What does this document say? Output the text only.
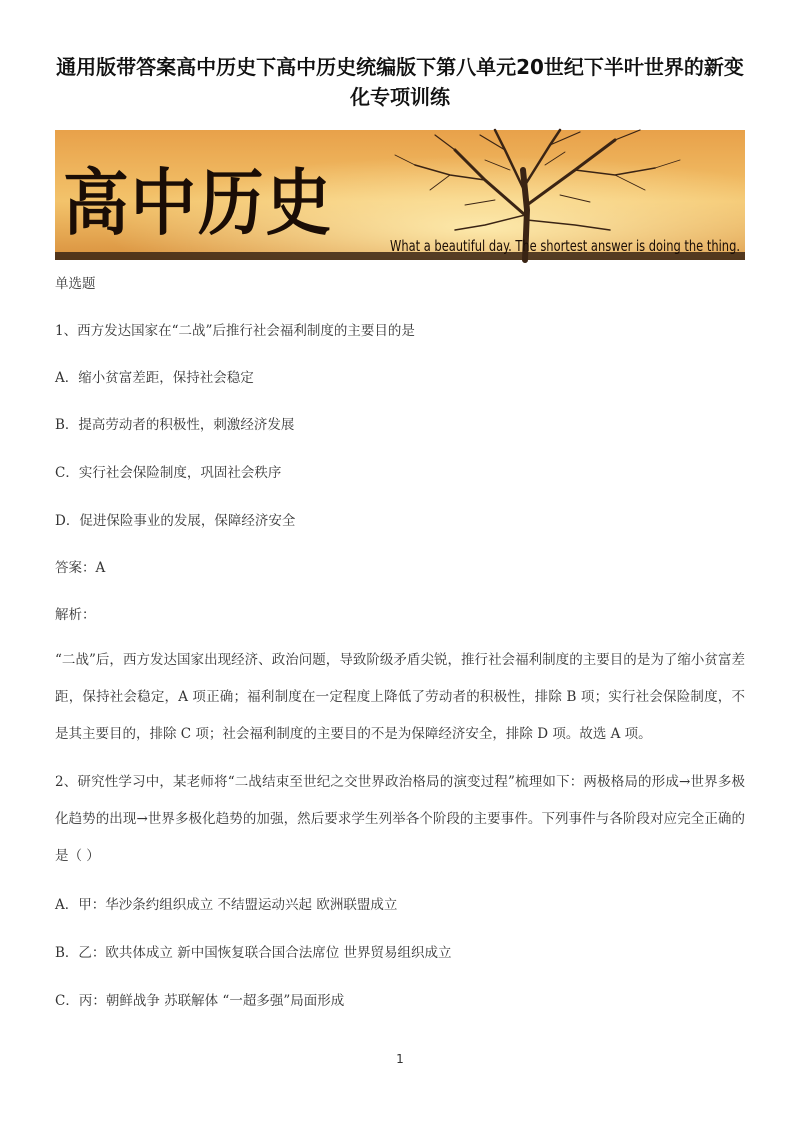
通用版带答案高中历史下高中历史统编版下第八单元20世纪下半叶世界的新变化专项训练
高中历史
What a beautiful day. The shortest answer is doing the thing.
单选题
1、西方发达国家在“二战”后推行社会福利制度的主要目的是
A．缩小贫富差距，保持社会稳定
B．提高劳动者的积极性，刺激经济发展
C．实行社会保险制度，巩固社会秩序
D．促进保险事业的发展，保障经济安全
答案：A
解析：
“二战”后，西方发达国家出现经济、政治问题，导致阶级矛盾尖锐，推行社会福利制度的主要目的是为了缩小贫富差距，保持社会稳定，A 项正确；福利制度在一定程度上降低了劳动者的积极性，排除 B 项；实行社会保险制度，不是其主要目的，排除 C 项；社会福利制度的主要目的不是为保障经济安全，排除 D 项。故选 A 项。
2、研究性学习中，某老师将“二战结束至世纪之交世界政治格局的演变过程”梳理如下：两极格局的形成→世界多极化趋势的出现→世界多极化趋势的加强，然后要求学生列举各个阶段的主要事件。下列事件与各阶段对应完全正确的是（ ）
A．甲：华沙条约组织成立 不结盟运动兴起 欧洲联盟成立
B．乙：欧共体成立 新中国恢复联合国合法席位 世界贸易组织成立
C．丙：朝鲜战争 苏联解体 “一超多强”局面形成
1
